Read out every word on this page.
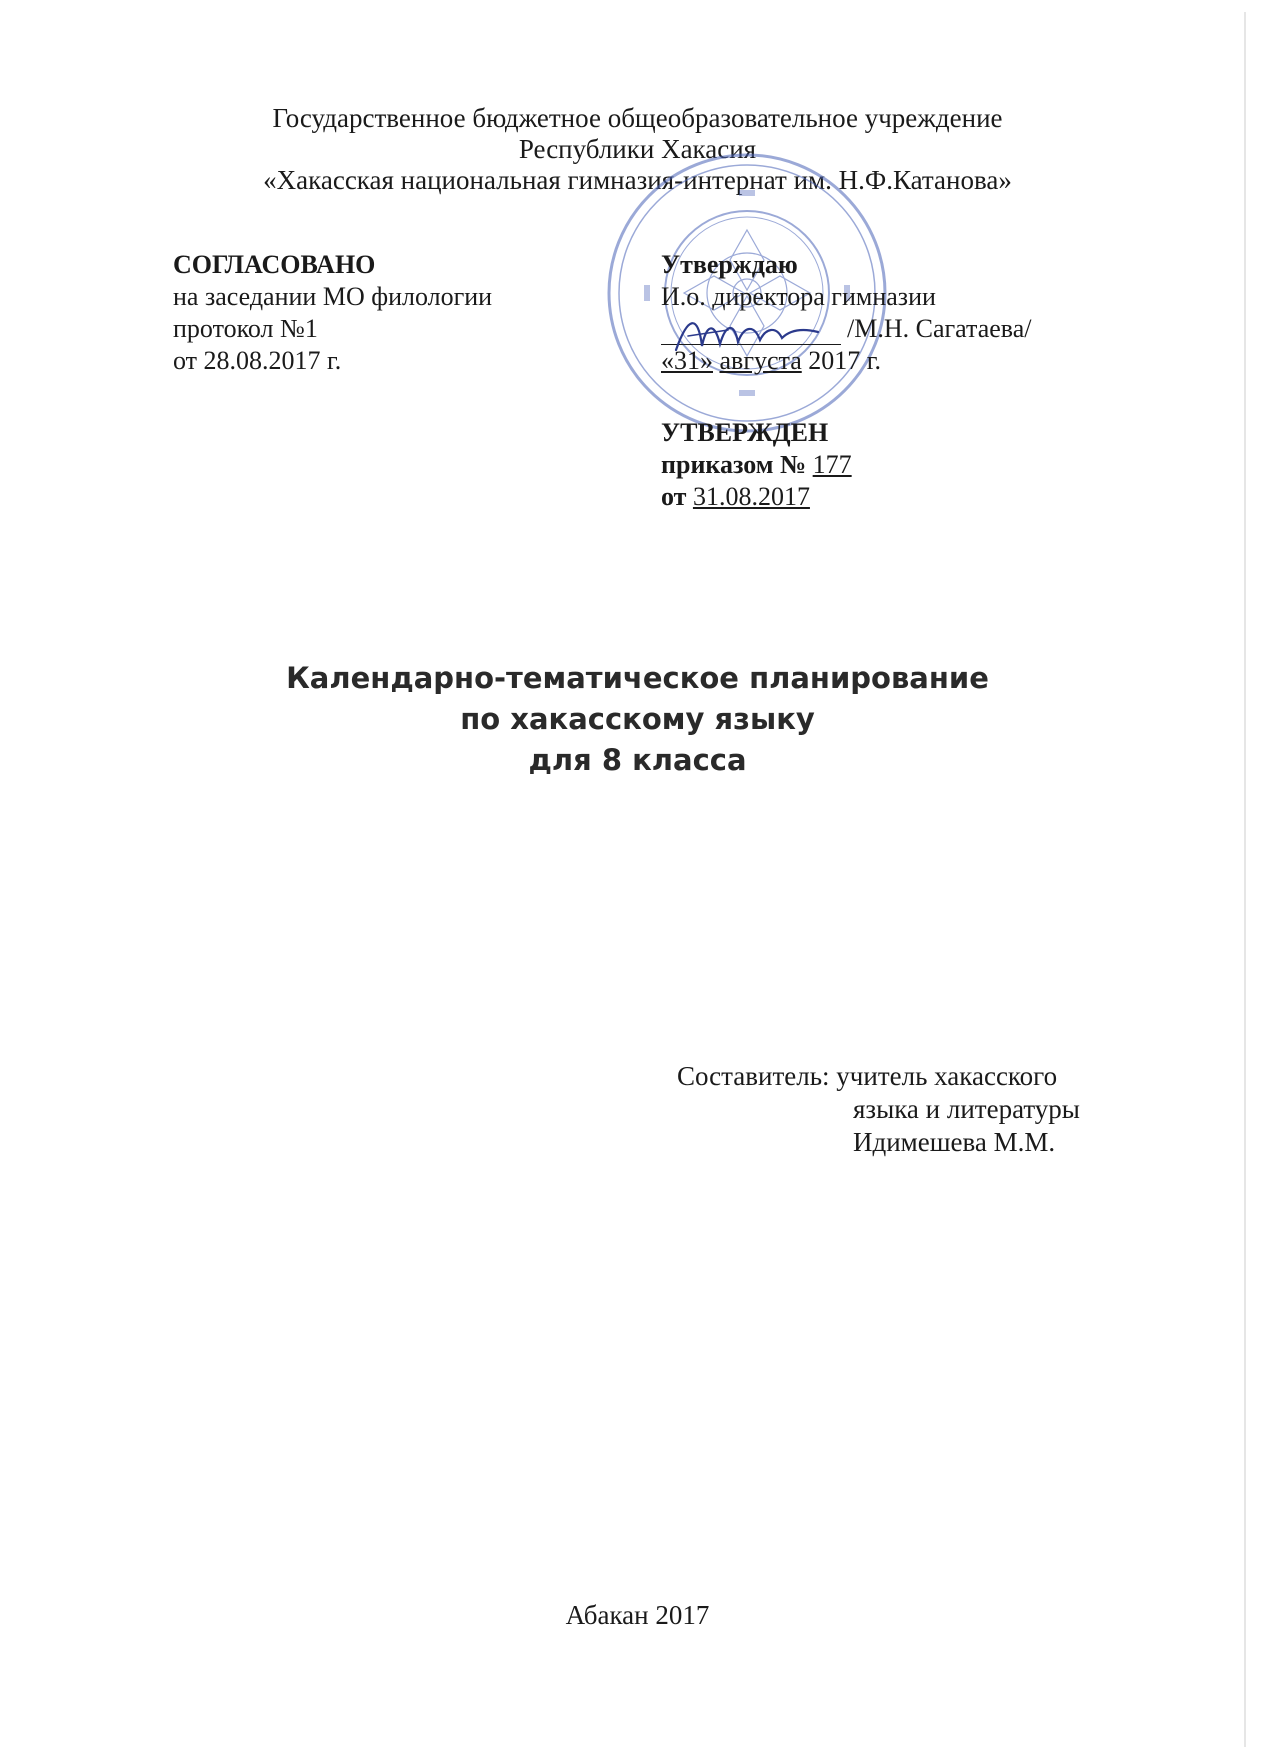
Государственное бюджетное общеобразовательное учреждение
Республики Хакасия
«Хакасская национальная гимназия-интернат им. Н.Ф.Катанова»
СОГЛАСОВАНО
на заседании МО филологии
протокол №1
от 28.08.2017 г.
Утверждаю
И.о. директора гимназии
/М.Н. Сагатаева/
«31» августа 2017 г.
УТВЕРЖДЕН
приказом № 177
от 31.08.2017
Календарно-тематическое планирование
по хакасскому языку
для 8 класса
Составитель: учитель хакасского
языка и литературы
Идимешева М.М.
Абакан 2017
